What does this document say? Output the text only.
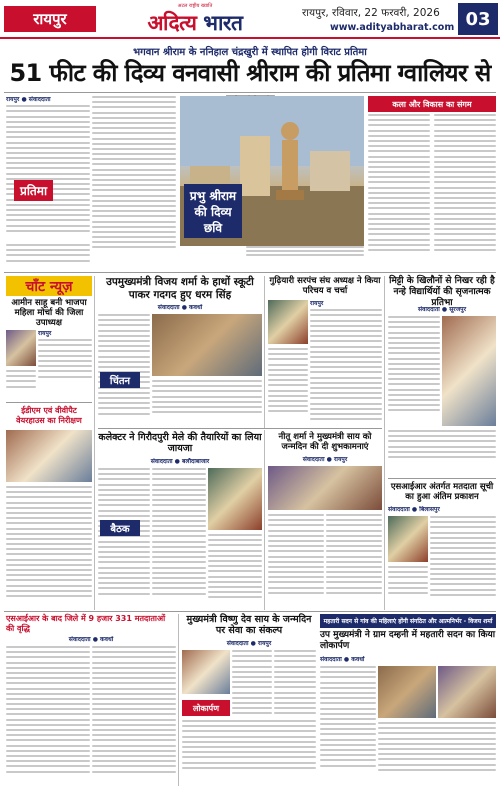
रायपुर
अटल राष्ट्रीय ख्याति
अदित्य भारत	रायपुर, रविवार, 22 फरवरी, 2026
www.adityabharat.com 03
भगवान श्रीराम के ननिहाल चंद्रखुरी में स्थापित होगी विराट प्रतिमा
51 फीट की दिव्य वनवासी श्रीराम की प्रतिमा ग्वालियर से
रायपुर ● संवाददाता
प्रतिमा	प्रभु श्रीराम की दिव्य छवि
कला और विकास का संगम
चाँट न्यूज़
आमीन साहू बनी भाजपा महिला मोर्चा की जिला उपाध्यक्ष
रायपुर
ईडीएम एवं वीवीपैट वेयरहाउस का निरीक्षण
उपमुख्यमंत्री विजय शर्मा के हाथों स्कूटी पाकर गदगद हुए धरम सिंह
संवाददाता ● कवर्धा
चिंतन
गुढ़ियारी सरपंच संघ अध्यक्ष ने किया परिचय व चर्चा
रायपुर
मिट्टी के खिलौनों से निखर रही है नन्हे विद्यार्थियों की सृजनात्मक प्रतिभा
संवाददाता ● सूरजपुर
कलेक्टर ने गिरौदपुरी मेले की तैयारियों का लिया जायजा
संवाददाता ● बलौदाबाजार
बैठक
नीतू शर्मा ने मुख्यमंत्री साय को जन्मदिन की दी शुभकामनाएं
संवाददाता ● रायपुर
एसआईआर अंतर्गत मतदाता सूची का हुआ अंतिम प्रकाशन
संवाददाता ● बिलासपुर
एसआईआर के बाद जिले में 9 हजार 331 मतदाताओं की वृद्धि
संवाददाता ● कवर्धा
मुख्यमंत्री विष्णु देव साय के जन्मदिन पर सेवा का संकल्प
संवाददाता ● रायपुर
महतारी सदन से गांव की महिलाएं होंगी संगठित और आत्मनिर्भर - विजय शर्मा
उप मुख्यमंत्री ने ग्राम दम्हनी में महतारी सदन का किया लोकार्पण
संवाददाता ● कवर्धा
लोकार्पण
